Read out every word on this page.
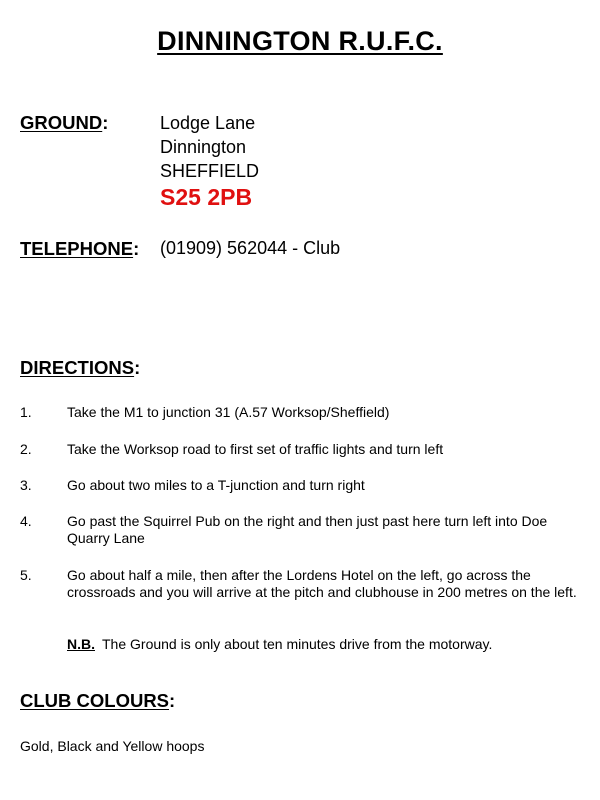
DINNINGTON R.U.F.C.
GROUND:	Lodge Lane
Dinnington
SHEFFIELD
S25 2PB
TELEPHONE: (01909) 562044 - Club
DIRECTIONS:
1.	Take the M1 to junction 31 (A.57 Worksop/Sheffield)
2.	Take the Worksop road to first set of traffic lights and turn left
3.	Go about two miles to a T-junction and turn right
4.	Go past the Squirrel Pub on the right and then just past here turn left into Doe Quarry Lane
5.	Go about half a mile, then after the Lordens Hotel on the left, go across the crossroads and you will arrive at the pitch and clubhouse in 200 metres on the left.
N.B. The Ground is only about ten minutes drive from the motorway.
CLUB COLOURS:
Gold, Black and Yellow hoops
